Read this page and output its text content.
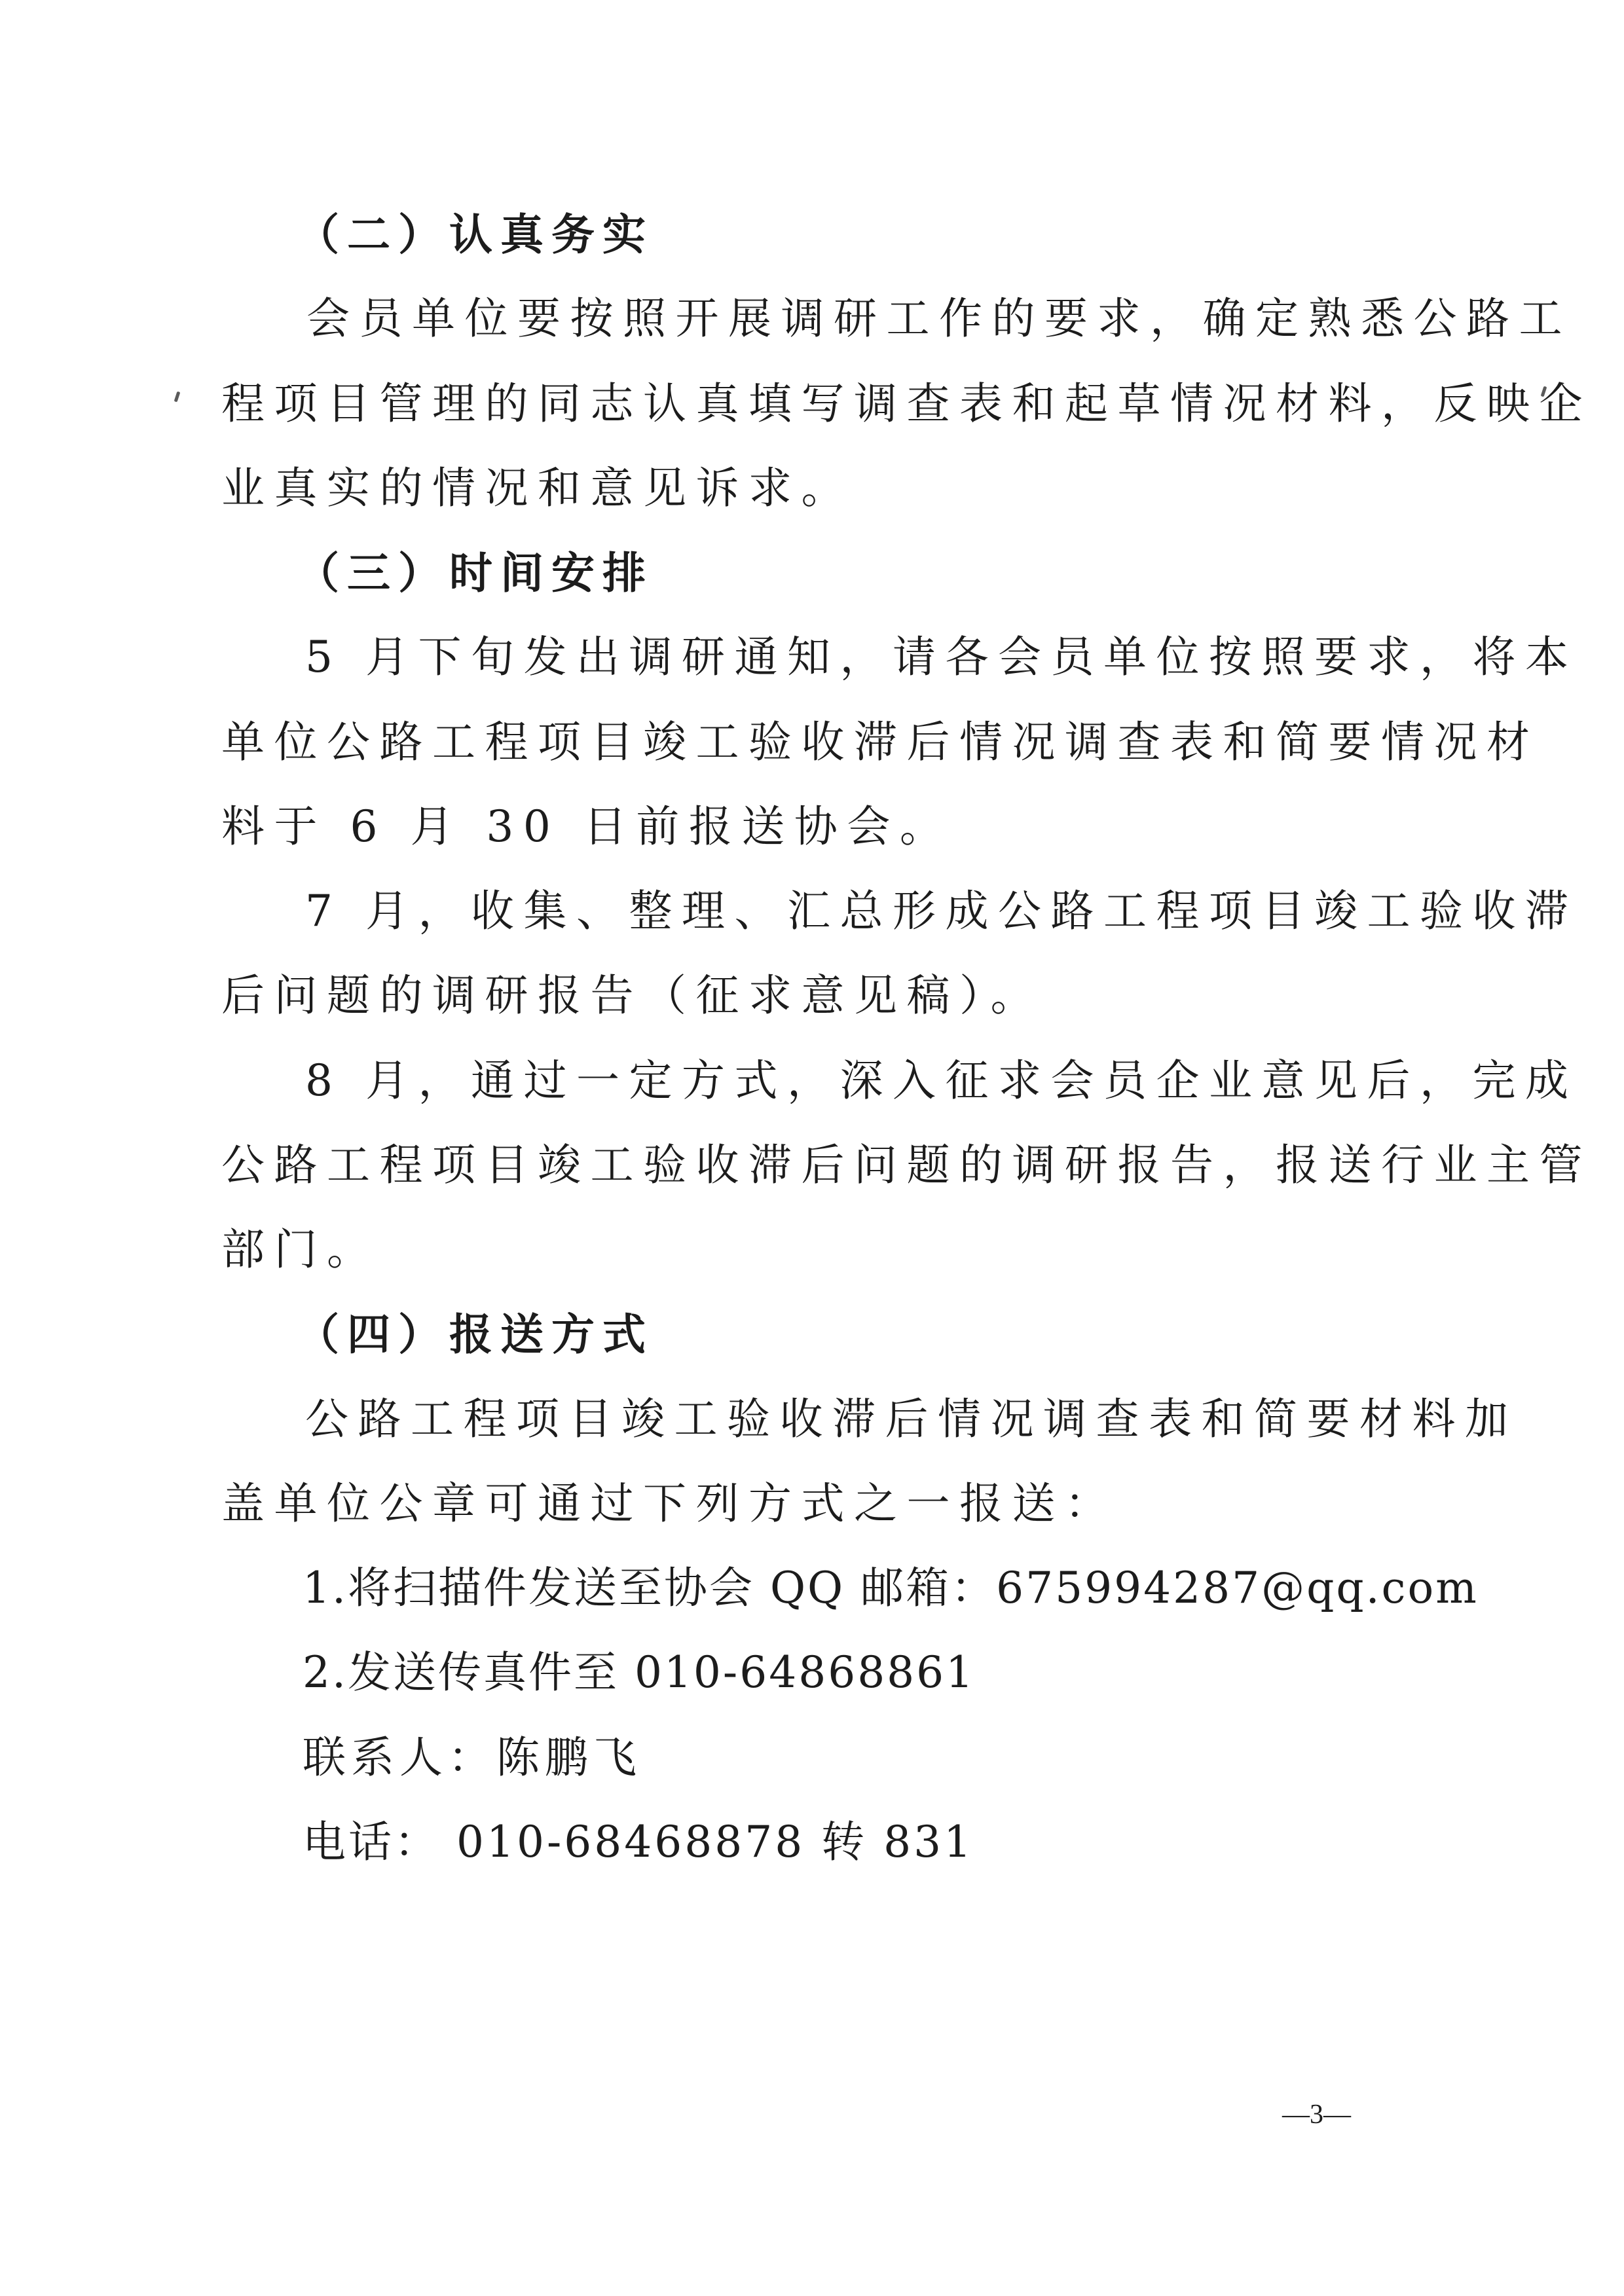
（二）认真务实
会员单位要按照开展调研工作的要求，确定熟悉公路工
程项目管理的同志认真填写调查表和起草情况材料，反映企
业真实的情况和意见诉求。
（三）时间安排
5 月下旬发出调研通知，请各会员单位按照要求，将本
单位公路工程项目竣工验收滞后情况调查表和简要情况材
料于 6 月 30 日前报送协会。
7 月，收集、整理、汇总形成公路工程项目竣工验收滞
后问题的调研报告（征求意见稿）。
8 月，通过一定方式，深入征求会员企业意见后，完成
公路工程项目竣工验收滞后问题的调研报告，报送行业主管
部门。
（四）报送方式
公路工程项目竣工验收滞后情况调查表和简要材料加
盖单位公章可通过下列方式之一报送：
1.将扫描件发送至协会 QQ 邮箱：675994287@qq.com
2.发送传真件至 010-64868861
联系人：陈鹏飞
电话： 010-68468878 转 831
—3—
